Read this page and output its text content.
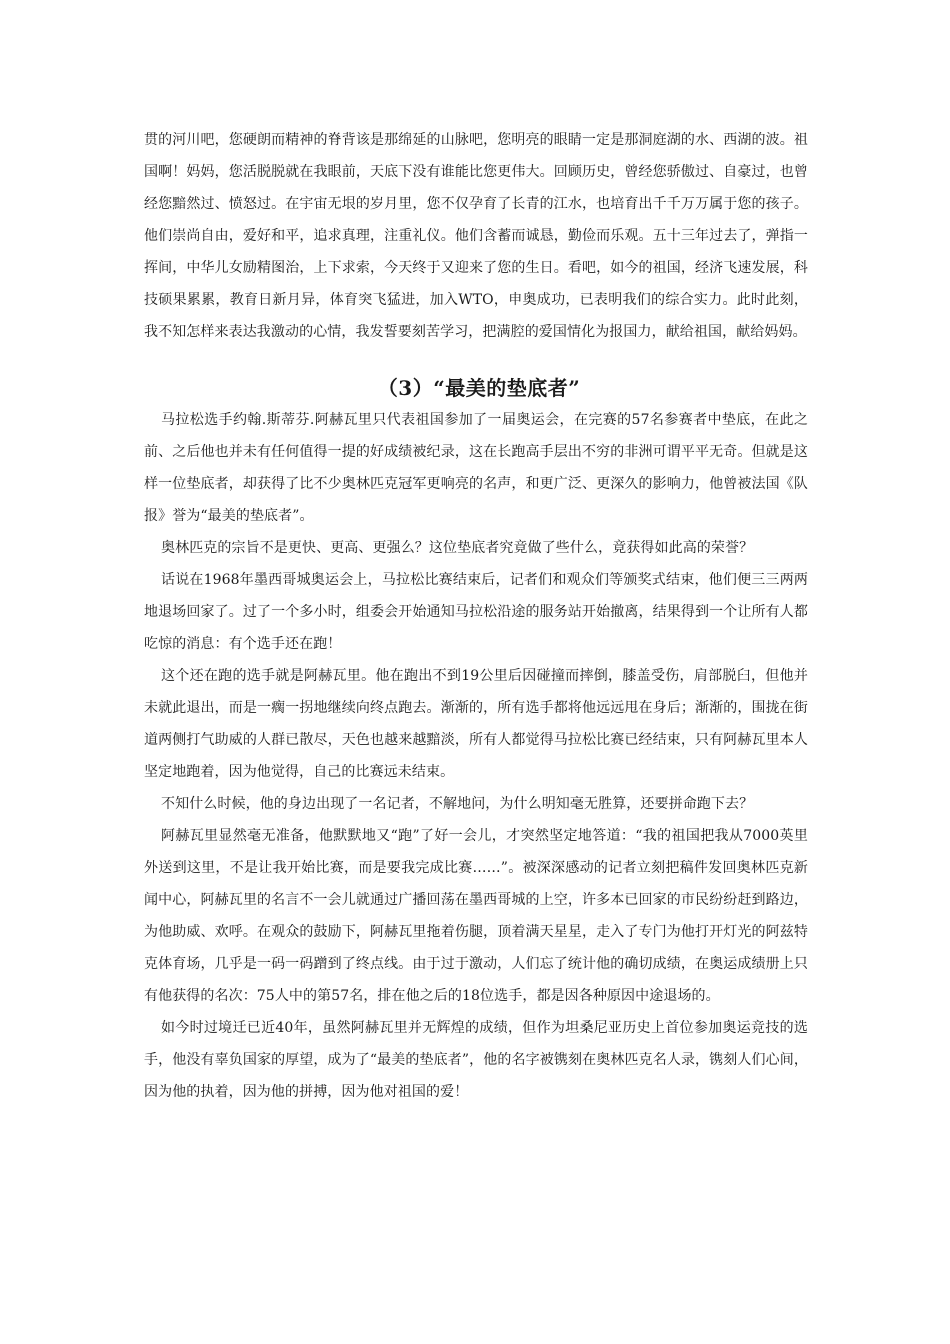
贯的河川吧，您硬朗而精神的脊背该是那绵延的山脉吧，您明亮的眼睛一定是那洞庭湖的水、西湖的波。祖国啊！妈妈，您活脱脱就在我眼前，天底下没有谁能比您更伟大。回顾历史，曾经您骄傲过、自豪过，也曾经您黯然过、愤怒过。在宇宙无垠的岁月里，您不仅孕育了长青的江水，也培育出千千万万属于您的孩子。他们崇尚自由，爱好和平，追求真理，注重礼仪。他们含蓄而诚恳，勤俭而乐观。五十三年过去了，弹指一挥间，中华儿女励精图治，上下求索，今天终于又迎来了您的生日。看吧，如今的祖国，经济飞速发展，科技硕果累累，教育日新月异，体育突飞猛进，加入WTO，申奥成功，已表明我们的综合实力。此时此刻，我不知怎样来表达我激动的心情，我发誓要刻苦学习，把满腔的爱国情化为报国力，献给祖国，献给妈妈。

（3）“最美的垫底者”

马拉松选手约翰.斯蒂芬.阿赫瓦里只代表祖国参加了一届奥运会，在完赛的57名参赛者中垫底，在此之前、之后他也并未有任何值得一提的好成绩被纪录，这在长跑高手层出不穷的非洲可谓平平无奇。但就是这样一位垫底者，却获得了比不少奥林匹克冠军更响亮的名声，和更广泛、更深久的影响力，他曾被法国《队报》誉为“最美的垫底者”。

奥林匹克的宗旨不是更快、更高、更强么？这位垫底者究竟做了些什么，竟获得如此高的荣誉？

话说在1968年墨西哥城奥运会上，马拉松比赛结束后，记者们和观众们等颁奖式结束，他们便三三两两地退场回家了。过了一个多小时，组委会开始通知马拉松沿途的服务站开始撤离，结果得到一个让所有人都吃惊的消息：有个选手还在跑！

这个还在跑的选手就是阿赫瓦里。他在跑出不到19公里后因碰撞而摔倒，膝盖受伤，肩部脱臼，但他并未就此退出，而是一瘸一拐地继续向终点跑去。渐渐的，所有选手都将他远远甩在身后；渐渐的，围拢在街道两侧打气助威的人群已散尽，天色也越来越黯淡，所有人都觉得马拉松比赛已经结束，只有阿赫瓦里本人坚定地跑着，因为他觉得，自己的比赛远未结束。

不知什么时候，他的身边出现了一名记者，不解地问，为什么明知毫无胜算，还要拼命跑下去？

阿赫瓦里显然毫无准备，他默默地又“跑”了好一会儿，才突然坚定地答道：“我的祖国把我从7000英里外送到这里，不是让我开始比赛，而是要我完成比赛……”。被深深感动的记者立刻把稿件发回奥林匹克新闻中心，阿赫瓦里的名言不一会儿就通过广播回荡在墨西哥城的上空，许多本已回家的市民纷纷赶到路边，为他助威、欢呼。在观众的鼓励下，阿赫瓦里拖着伤腿，顶着满天星星，走入了专门为他打开灯光的阿兹特克体育场，几乎是一码一码蹭到了终点线。由于过于激动，人们忘了统计他的确切成绩，在奥运成绩册上只有他获得的名次：75人中的第57名，排在他之后的18位选手，都是因各种原因中途退场的。

如今时过境迁已近40年，虽然阿赫瓦里并无辉煌的成绩，但作为坦桑尼亚历史上首位参加奥运竞技的选手，他没有辜负国家的厚望，成为了“最美的垫底者”，他的名字被镌刻在奥林匹克名人录，镌刻人们心间，因为他的执着，因为他的拼搏，因为他对祖国的爱！
